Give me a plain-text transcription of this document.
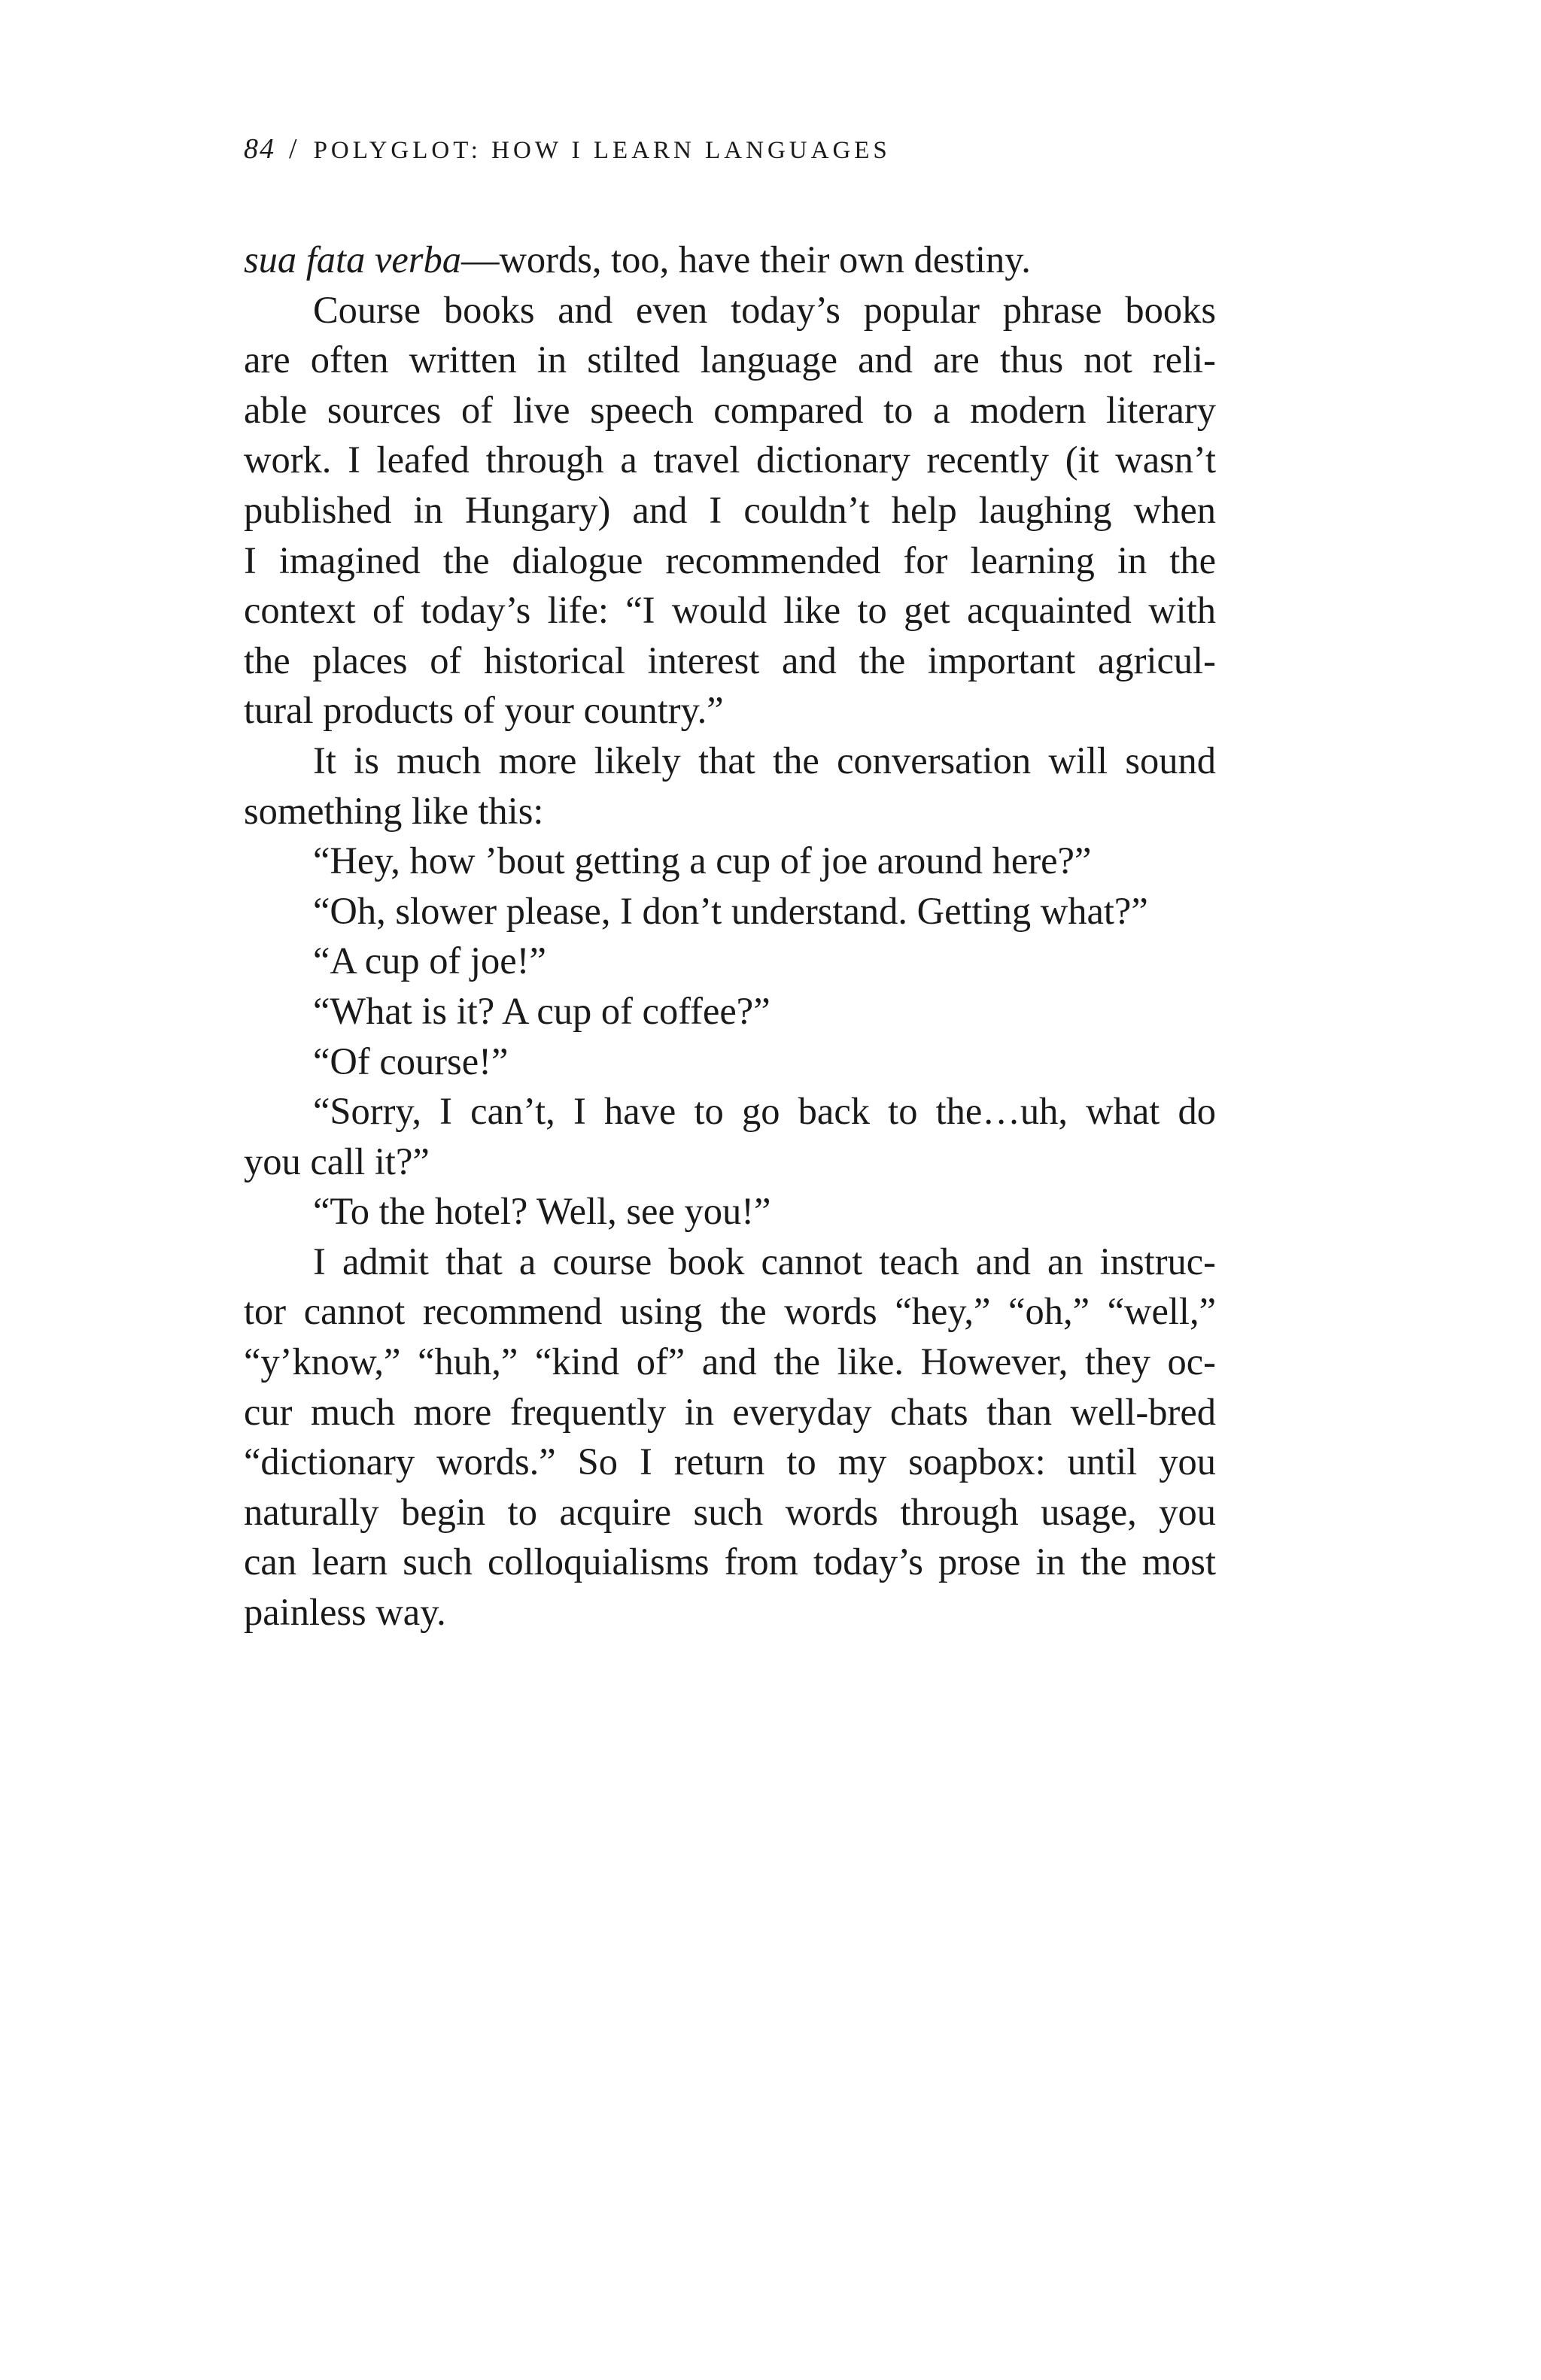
84 / POLYGLOT: HOW I LEARN LANGUAGES

sua fata verba—words, too, have their own destiny.

Course books and even today’s popular phrase books
are often written in stilted language and are thus not reli-
able sources of live speech compared to a modern literary
work. I leafed through a travel dictionary recently (it wasn’t
published in Hungary) and I couldn’t help laughing when
I imagined the dialogue recommended for learning in the
context of today’s life: “I would like to get acquainted with
the places of historical interest and the important agricul-
tural products of your country.”

It is much more likely that the conversation will sound
something like this:

“Hey, how ’bout getting a cup of joe around here?”

“Oh, slower please, I don’t understand. Getting what?”

“A cup of joe!”

“What is it? A cup of coffee?”

“Of course!”

“Sorry, I can’t, I have to go back to the…uh, what do
you call it?”

“To the hotel? Well, see you!”

I admit that a course book cannot teach and an instruc-
tor cannot recommend using the words “hey,” “oh,” “well,”
“y’know,” “huh,” “kind of” and the like. However, they oc-
cur much more frequently in everyday chats than well-bred
“dictionary words.” So I return to my soapbox: until you
naturally begin to acquire such words through usage, you
can learn such colloquialisms from today’s prose in the most
painless way.
